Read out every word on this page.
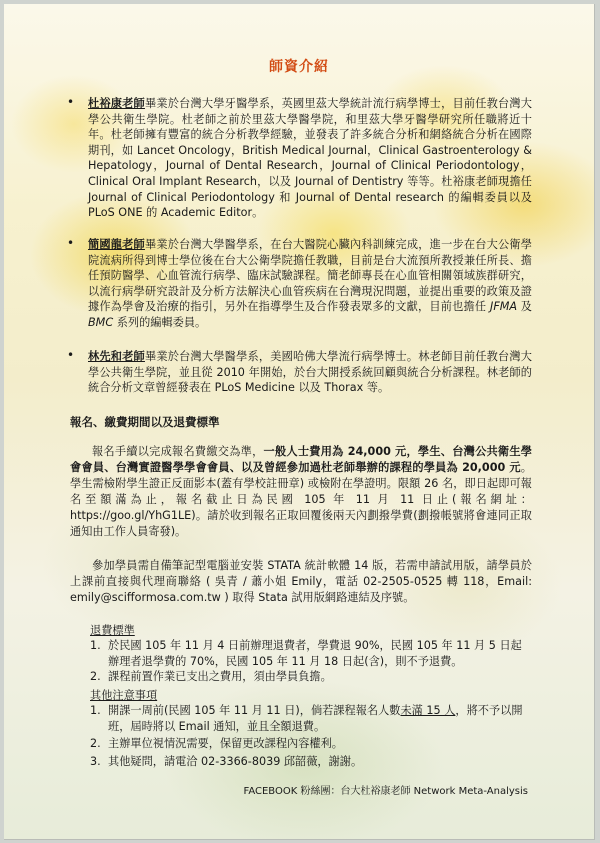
師資介紹
• 杜裕康老師畢業於台灣大學牙醫學系，英國里茲大學統計流行病學博士，目前任教台灣大學公共衛生學院。杜老師之前於里茲大學醫學院，和里茲大學牙醫學研究所任職將近十年。杜老師擁有豐富的統合分析教學經驗，並發表了許多統合分析和網絡統合分析在國際期刊，如 Lancet Oncology，British Medical Journal，Clinical Gastroenterology & Hepatology，Journal of Dental Research，Journal of Clinical Periodontology，Clinical Oral Implant Research，以及 Journal of Dentistry 等等。杜裕康老師現擔任 Journal of Clinical Periodontology 和 Journal of Dental research 的編輯委員以及 PLoS ONE 的 Academic Editor。
• 簡國龍老師畢業於台灣大學醫學系，在台大醫院心臟內科訓練完成，進一步在台大公衛學院流病所得到博士學位後在台大公衛學院擔任教職，目前是台大流預所教授兼任所長、擔任預防醫學、心血管流行病學、臨床試驗課程。簡老師專長在心血管相關領域族群研究，以流行病學研究設計及分析方法解決心血管疾病在台灣現況問題，並提出重要的政策及證據作為學會及治療的指引，另外在指導學生及合作發表眾多的文獻，目前也擔任 JFMA 及 BMC 系列的編輯委員。
• 林先和老師畢業於台灣大學醫學系，美國哈佛大學流行病學博士。林老師目前任教台灣大學公共衛生學院，並且從 2010 年開始，於台大開授系統回顧與統合分析課程。林老師的統合分析文章曾經發表在 PLoS Medicine 以及 Thorax 等。
報名、繳費期間以及退費標準
報名手續以完成報名費繳交為準，一般人士費用為 24,000 元，學生、台灣公共衛生學會會員、台灣實證醫學學會會員、以及曾經參加過杜老師舉辦的課程的學員為 20,000 元。學生需檢附學生證正反面影本(蓋有學校註冊章) 或檢附在學證明。限額 26 名，即日起即可報名至額滿為止，報名截止日為民國 105 年 11 月 11 日止(報名網址：https://goo.gl/YhG1LE)。請於收到報名正取回覆後兩天內劃撥學費(劃撥帳號將會連同正取通知由工作人員寄發)。
參加學員需自備筆記型電腦並安裝 STATA 統計軟體 14 版，若需申請試用版，請學員於上課前直接與代理商聯絡 ( 吳青 / 蕭小姐 Emily，電話 02-2505-0525 轉 118，Email: emily@scifformosa.com.tw ) 取得 Stata 試用版網路連結及序號。
退費標準
1. 於民國 105 年 11 月 4 日前辦理退費者，學費退 90%，民國 105 年 11 月 5 日起辦理者退學費的 70%，民國 105 年 11 月 18 日起(含)，則不予退費。
2. 課程前置作業已支出之費用，須由學員負擔。
其他注意事項
1. 開課一周前(民國 105 年 11 月 11 日)，倘若課程報名人數未滿 15 人，將不予以開班，屆時將以 Email 通知，並且全額退費。
2. 主辦單位視情況需要，保留更改課程內容權利。
3. 其他疑問，請電洽 02-3366-8039 邱韶薇，謝謝。
FACEBOOK 粉絲團：台大杜裕康老師 Network Meta-Analysis
